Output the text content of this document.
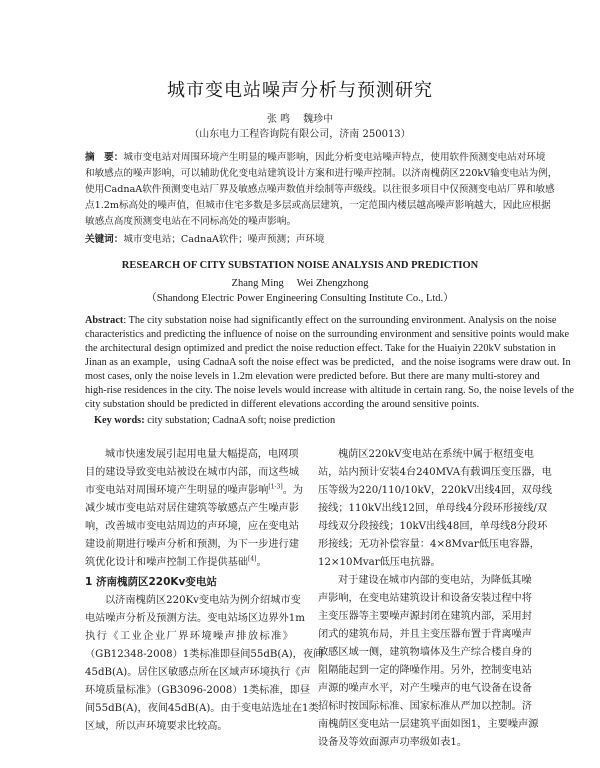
城市变电站噪声分析与预测研究
张 鸣　 魏珍中
（山东电力工程咨询院有限公司，济南 250013）
摘　要：城市变电站对周围环境产生明显的噪声影响，因此分析变电站噪声特点，使用软件预测变电站对环境
和敏感点的噪声影响，可以辅助优化变电站建筑设计方案和进行噪声控制。以济南槐荫区220kV输变电站为例，
使用CadnaA软件预测变电站厂界及敏感点噪声数值并绘制等声级线。以往很多项目中仅预测变电站厂界和敏感
点1.2m标高处的噪声值，但城市住宅多数是多层或高层建筑，一定范围内楼层越高噪声影响越大，因此应根据
敏感点高度预测变电站在不同标高处的噪声影响。
关键词：城市变电站；CadnaA软件；噪声预测；声环境
RESEARCH OF CITY SUBSTATION NOISE ANALYSIS AND PREDICTION
Zhang Ming　 Wei Zhengzhong
（Shandong Electric Power Engineering Consulting Institute Co., Ltd.）
Abstract: The city substation noise had significantly effect on the surrounding environment. Analysis on the noise
characteristics and predicting the influence of noise on the surrounding environment and sensitive points would make
the architectural design optimized and predict the noise reduction effect. Take for the Huaiyin 220kV substation in
Jinan as an example，using CadnaA soft the noise effect was be predicted，and the noise isograms were draw out. In
most cases, only the noise levels in 1.2m elevation were predicted before. But there are many multi-storey and
high-rise residences in the city. The noise levels would increase with altitude in certain rang. So, the noise levels of the
city substation should be predicted in different elevations according the around sensitive points.
Key words: city substation; CadnaA soft; noise prediction
城市快速发展引起用电量大幅提高，电网项
目的建设导致变电站被设在城市内部，而这些城
市变电站对周围环境产生明显的噪声影响[1-3]。为
减少城市变电站对居住建筑等敏感点产生噪声影
响，改善城市变电站周边的声环境，应在变电站
建设前期进行噪声分析和预测，为下一步进行建
筑优化设计和噪声控制工作提供基础[4]。
1 济南槐荫区220Kv变电站
以济南槐荫区220Kv变电站为例介绍城市变
电站噪声分析及预测方法。变电站场区边界外1m
执行《工业企业厂界环境噪声排放标准》
（GB12348-2008）1类标准即昼间55dB(A)，夜间
45dB(A)。居住区敏感点所在区域声环境执行《声
环境质量标准》（GB3096-2008）1类标准，即昼
间55dB(A)，夜间45dB(A)。由于变电站选址在1类
区域，所以声环境要求比较高。
槐荫区220kV变电站在系统中属于枢纽变电
站，站内预计安装4台240MVA有载调压变压器，电
压等级为220/110/10kV，220kV出线4回，双母线
接线；110kV出线12回，单母线4分段环形接线/双
母线双分段接线；10kV出线48回，单母线8分段环
形接线；无功补偿容量：4×8Mvar低压电容器，
12×10Mvar低压电抗器。
对于建设在城市内部的变电站，为降低其噪
声影响，在变电站建筑设计和设备安装过程中将
主变压器等主要噪声源封闭在建筑内部，采用封
闭式的建筑布局，并且主变压器布置于背离噪声
敏感区域一侧，建筑物墙体及生产综合楼自身的
阻隔能起到一定的降噪作用。另外，控制变电站
声源的噪声水平，对产生噪声的电气设备在设备
招标时按国际标准、国家标准从严加以控制。济
南槐荫区变电站一层建筑平面如图1，主要噪声源
设备及等效面源声功率级如表1。
